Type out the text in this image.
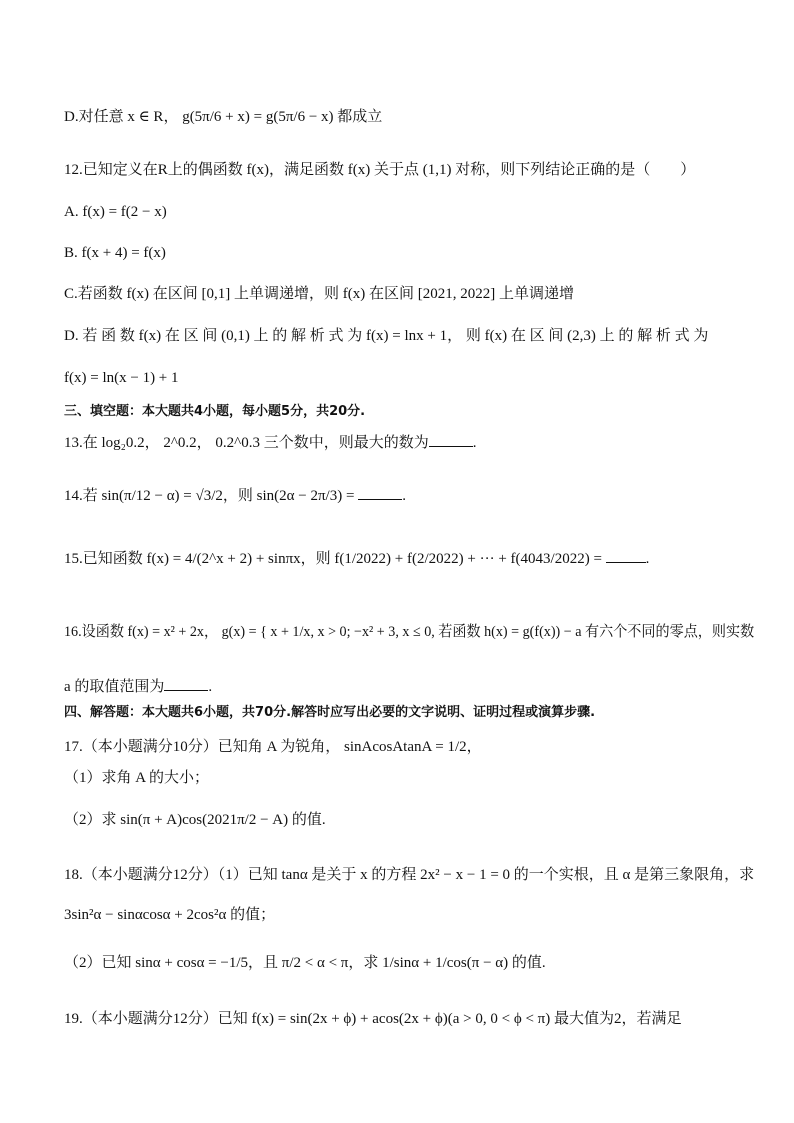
D.对任意 x ∈ R， g(5π/6 + x) = g(5π/6 − x) 都成立
12.已知定义在R上的偶函数 f(x)，满足函数 f(x) 关于点 (1,1) 对称，则下列结论正确的是（　　）
A. f(x) = f(2 − x)
B. f(x + 4) = f(x)
C.若函数 f(x) 在区间 [0,1] 上单调递增，则 f(x) 在区间 [2021, 2022] 上单调递增
D. 若 函 数 f(x) 在 区 间 (0,1) 上 的 解 析 式 为 f(x) = lnx + 1， 则 f(x) 在 区 间 (2,3) 上 的 解 析 式 为
f(x) = ln(x − 1) + 1
三、填空题：本大题共4小题，每小题5分，共20分.
13.在 log₂0.2， 2^0.2， 0.2^0.3 三个数中，则最大的数为	.
14.若 sin(π/12 − α) = √3/2，则 sin(2α − 2π/3) =	.
15.已知函数 f(x) = 4/(2^x + 2) + sinπx，则 f(1/2022) + f(2/2022) + ··· + f(4043/2022) =	.
16.设函数 f(x) = x² + 2x， g(x) = { x + 1/x, x > 0; −x² + 3, x ≤ 0, 若函数 h(x) = g(f(x)) − a 有六个不同的零点，则实数
a 的取值范围为	.
四、解答题：本大题共6小题，共70分.解答时应写出必要的文字说明、证明过程或演算步骤.
17.（本小题满分10分）已知角 A 为锐角， sinAcosAtanA = 1/2，
（1）求角 A 的大小；
（2）求 sin(π + A)cos(2021π/2 − A) 的值.
18.（本小题满分12分）（1）已知 tanα 是关于 x 的方程 2x² − x − 1 = 0 的一个实根，且 α 是第三象限角，求
3sin²α − sinαcosα + 2cos²α 的值；
（2）已知 sinα + cosα = −1/5，且 π/2 < α < π，求 1/sinα + 1/cos(π − α) 的值.
19.（本小题满分12分）已知 f(x) = sin(2x + ϕ) + acos(2x + ϕ)(a > 0, 0 < ϕ < π) 最大值为2，若满足
